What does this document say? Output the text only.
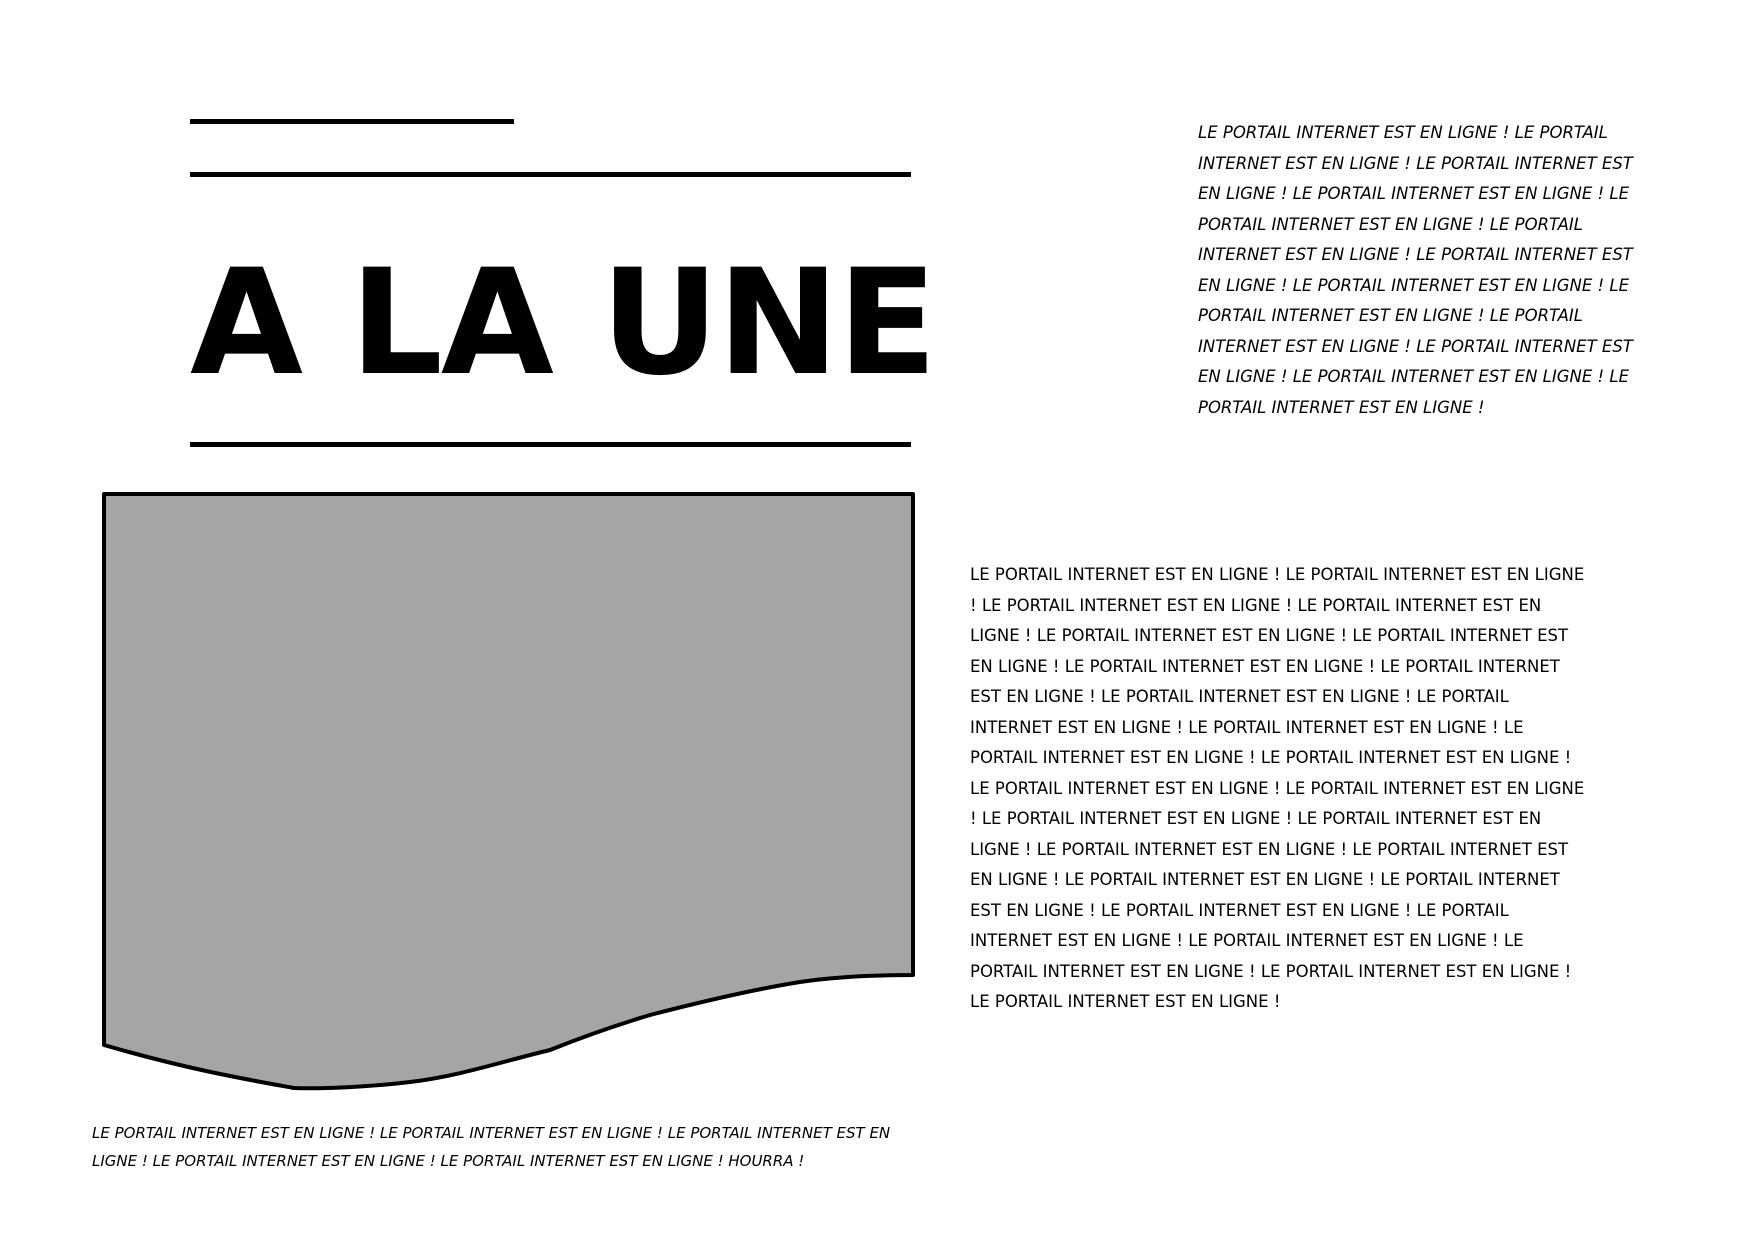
A LA UNE

LE PORTAIL INTERNET EST EN LIGNE ! LE PORTAIL INTERNET EST EN LIGNE ! LE PORTAIL INTERNET EST EN LIGNE ! LE PORTAIL INTERNET EST EN LIGNE ! LE PORTAIL INTERNET EST EN LIGNE ! LE PORTAIL INTERNET EST EN LIGNE ! LE PORTAIL INTERNET EST EN LIGNE ! LE PORTAIL INTERNET EST EN LIGNE ! LE PORTAIL INTERNET EST EN LIGNE ! LE PORTAIL INTERNET EST EN LIGNE ! LE PORTAIL INTERNET EST EN LIGNE ! LE PORTAIL INTERNET EST EN LIGNE ! LE PORTAIL INTERNET EST EN LIGNE !

LE PORTAIL INTERNET EST EN LIGNE ! LE PORTAIL INTERNET EST EN LIGNE ! LE PORTAIL INTERNET EST EN LIGNE ! LE PORTAIL INTERNET EST EN LIGNE ! LE PORTAIL INTERNET EST EN LIGNE ! LE PORTAIL INTERNET EST EN LIGNE ! LE PORTAIL INTERNET EST EN LIGNE ! LE PORTAIL INTERNET EST EN LIGNE ! LE PORTAIL INTERNET EST EN LIGNE ! LE PORTAIL INTERNET EST EN LIGNE ! LE PORTAIL INTERNET EST EN LIGNE ! LE PORTAIL INTERNET EST EN LIGNE ! LE PORTAIL INTERNET EST EN LIGNE ! LE PORTAIL INTERNET EST EN LIGNE ! LE PORTAIL INTERNET EST EN LIGNE ! LE PORTAIL INTERNET EST EN LIGNE ! LE PORTAIL INTERNET EST EN LIGNE ! LE PORTAIL INTERNET EST EN LIGNE ! LE PORTAIL INTERNET EST EN LIGNE ! LE PORTAIL INTERNET EST EN LIGNE ! LE PORTAIL INTERNET EST EN LIGNE ! LE PORTAIL INTERNET EST EN LIGNE ! LE PORTAIL INTERNET EST EN LIGNE ! LE PORTAIL INTERNET EST EN LIGNE ! LE PORTAIL INTERNET EST EN LIGNE ! LE PORTAIL INTERNET EST EN LIGNE ! LE PORTAIL INTERNET EST EN LIGNE !

LE PORTAIL INTERNET EST EN LIGNE ! LE PORTAIL INTERNET EST EN LIGNE ! LE PORTAIL INTERNET EST EN LIGNE ! LE PORTAIL INTERNET EST EN LIGNE ! LE PORTAIL INTERNET EST EN LIGNE ! HOURRA !
